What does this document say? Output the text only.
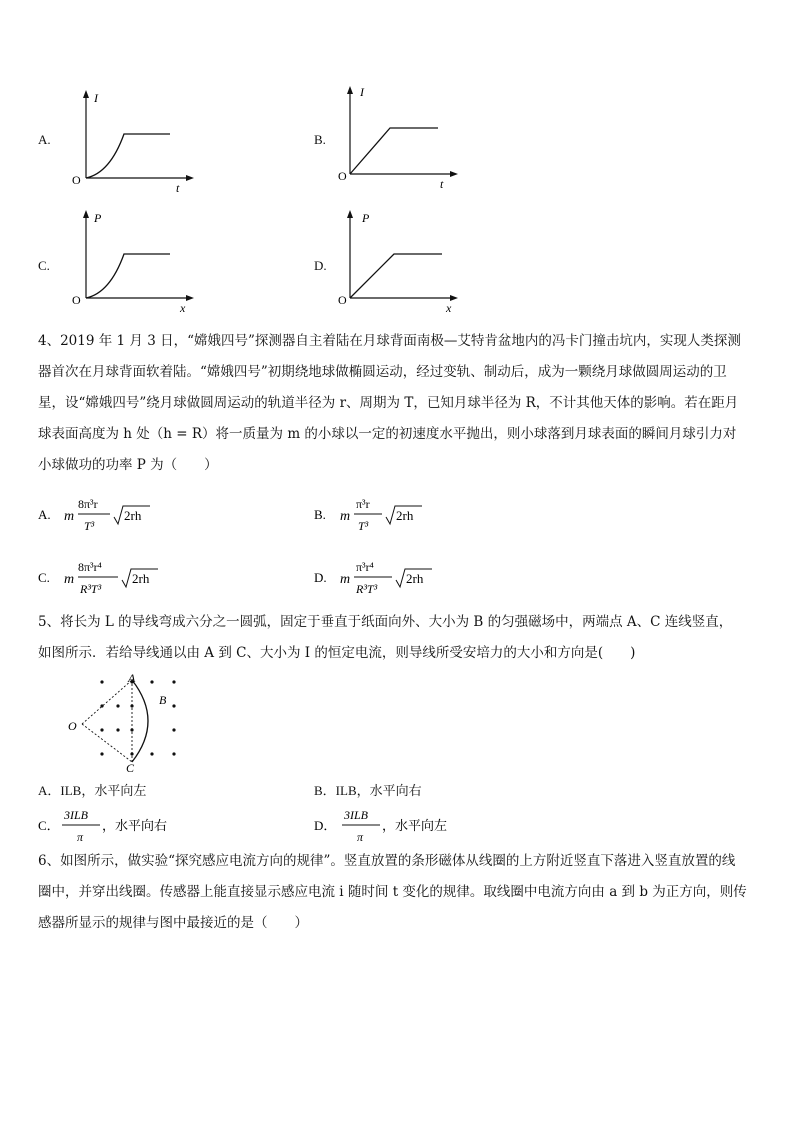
A.
O
I
t
B.
O
I
t
C.
O
P
x
D.
O
P
x
4、2019 年 1 月 3 日，“嫦娥四号”探测器自主着陆在月球背面南极—艾特肯盆地内的冯卡门撞击坑内，实现人类探测
器首次在月球背面软着陆。“嫦娥四号”初期绕地球做椭圆运动，经过变轨、制动后，成为一颗绕月球做圆周运动的卫
星，设“嫦娥四号”绕月球做圆周运动的轨道半径为 r、周期为 T，已知月球半径为 R，不计其他天体的影响。若在距月
球表面高度为 h 处（h = R）将一质量为 m 的小球以一定的初速度水平抛出，则小球落到月球表面的瞬间月球引力对
小球做功的功率 P 为（　　）
A. m
8π³r
T³
2rh	B. m
π³r
T³
2rh
C. m
8π³r⁴
R³T³
2rh	D. m
π³r⁴
R³T³
2rh
5、将长为 L 的导线弯成六分之一圆弧，固定于垂直于纸面向外、大小为 B 的匀强磁场中，两端点 A、C 连线竖直，
如图所示．若给导线通以由 A 到 C、大小为 I 的恒定电流，则导线所受安培力的大小和方向是(　　)
O
A
B
C
A．ILB，水平向左	B．ILB，水平向右
C．
3ILB
π
，水平向右	D．
3ILB
π
，水平向左
6、如图所示，做实验“探究感应电流方向的规律”。竖直放置的条形磁体从线圈的上方附近竖直下落进入竖直放置的线
圈中，并穿出线圈。传感器上能直接显示感应电流 i 随时间 t 变化的规律。取线圈中电流方向由 a 到 b 为正方向，则传
感器所显示的规律与图中最接近的是（　　）
